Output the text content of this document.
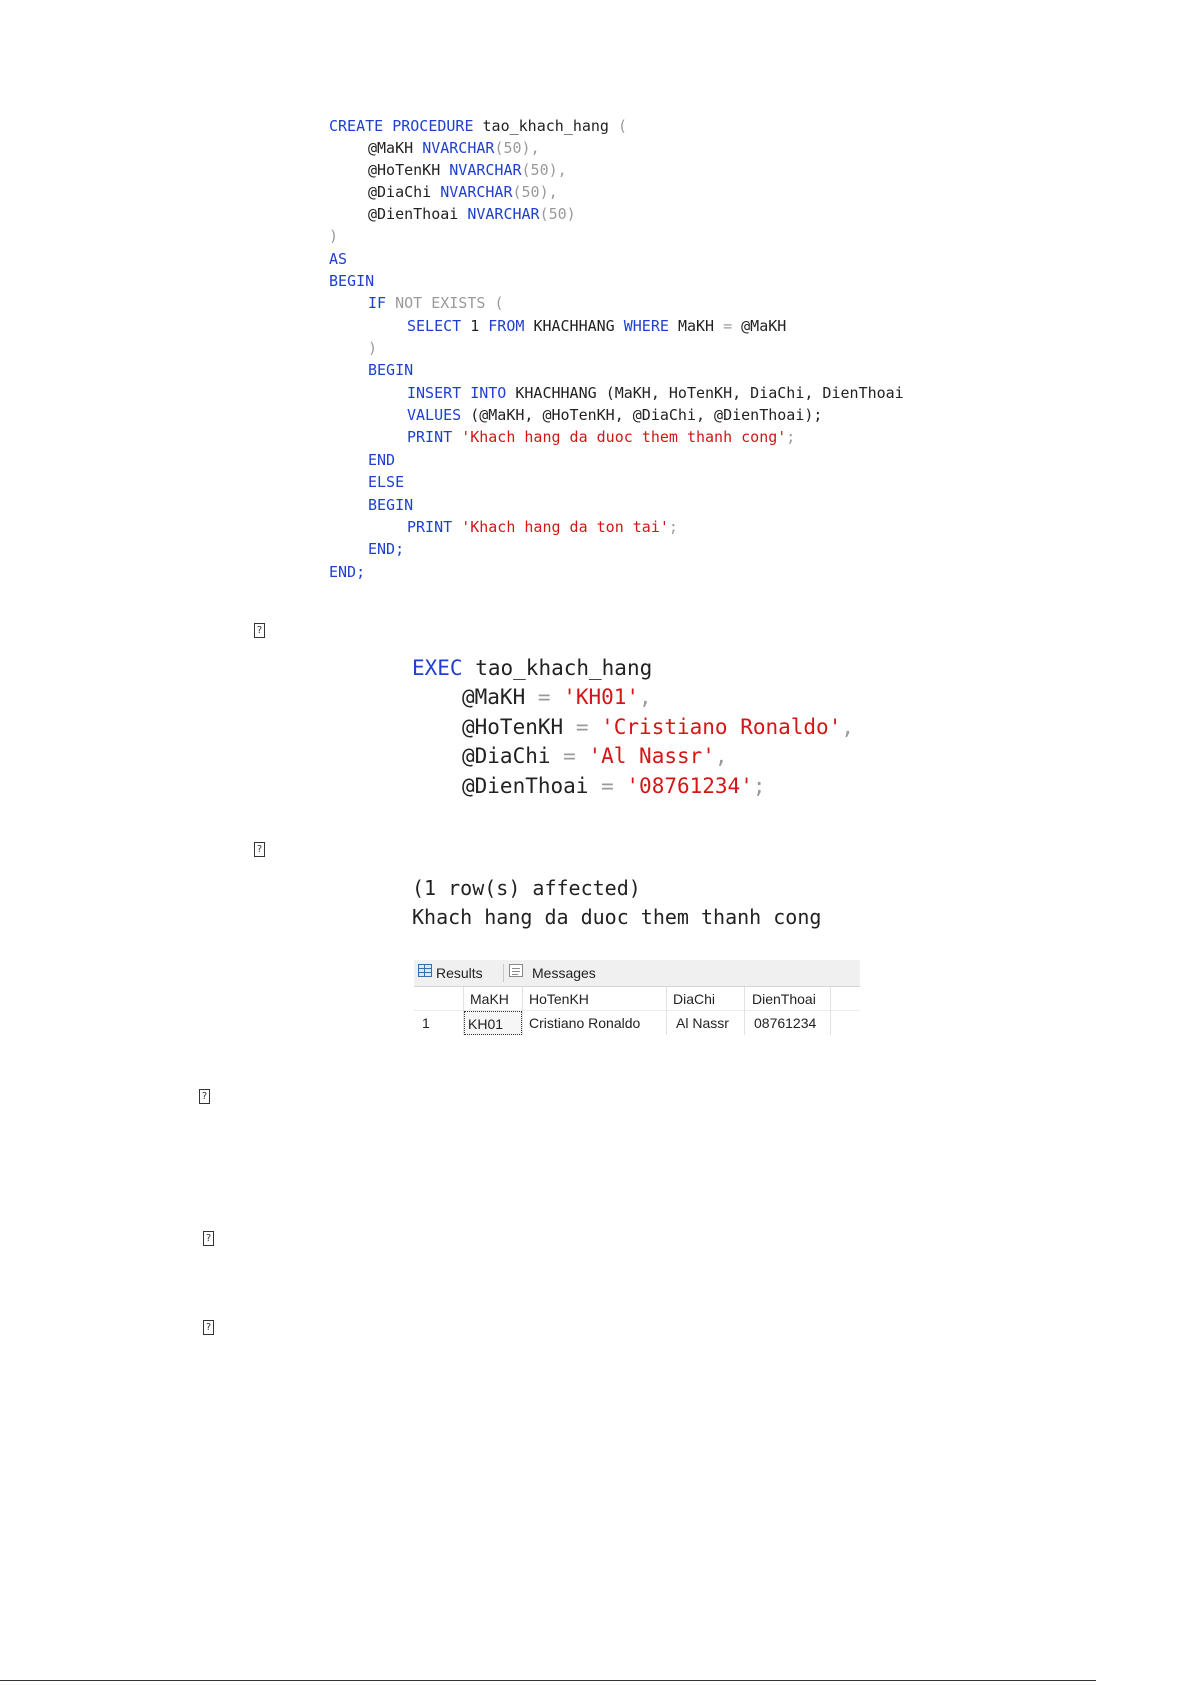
CREATE PROCEDURE tao_khach_hang (
@MaKH NVARCHAR(50),
@HoTenKH NVARCHAR(50),
@DiaChi NVARCHAR(50),
@DienThoai NVARCHAR(50)
)
AS
BEGIN
IF NOT EXISTS (
SELECT 1 FROM KHACHHANG WHERE MaKH = @MaKH
)
BEGIN
INSERT INTO KHACHHANG (MaKH, HoTenKH, DiaChi, DienThoai
VALUES (@MaKH, @HoTenKH, @DiaChi, @DienThoai);
PRINT 'Khach hang da duoc them thanh cong';
END
ELSE
BEGIN
PRINT 'Khach hang da ton tai';
END;
END;
?
EXEC tao_khach_hang
@MaKH = 'KH01',
@HoTenKH = 'Cristiano Ronaldo',
@DiaChi = 'Al Nassr',
@DienThoai = '08761234';
?
(1 row(s) affected)
Khach hang da duoc them thanh cong
Results	Messages
MaKH HoTenKH	DiaChi	DienThoai
1	KH01	Cristiano Ronaldo	Al Nassr 08761234
?
?
?
